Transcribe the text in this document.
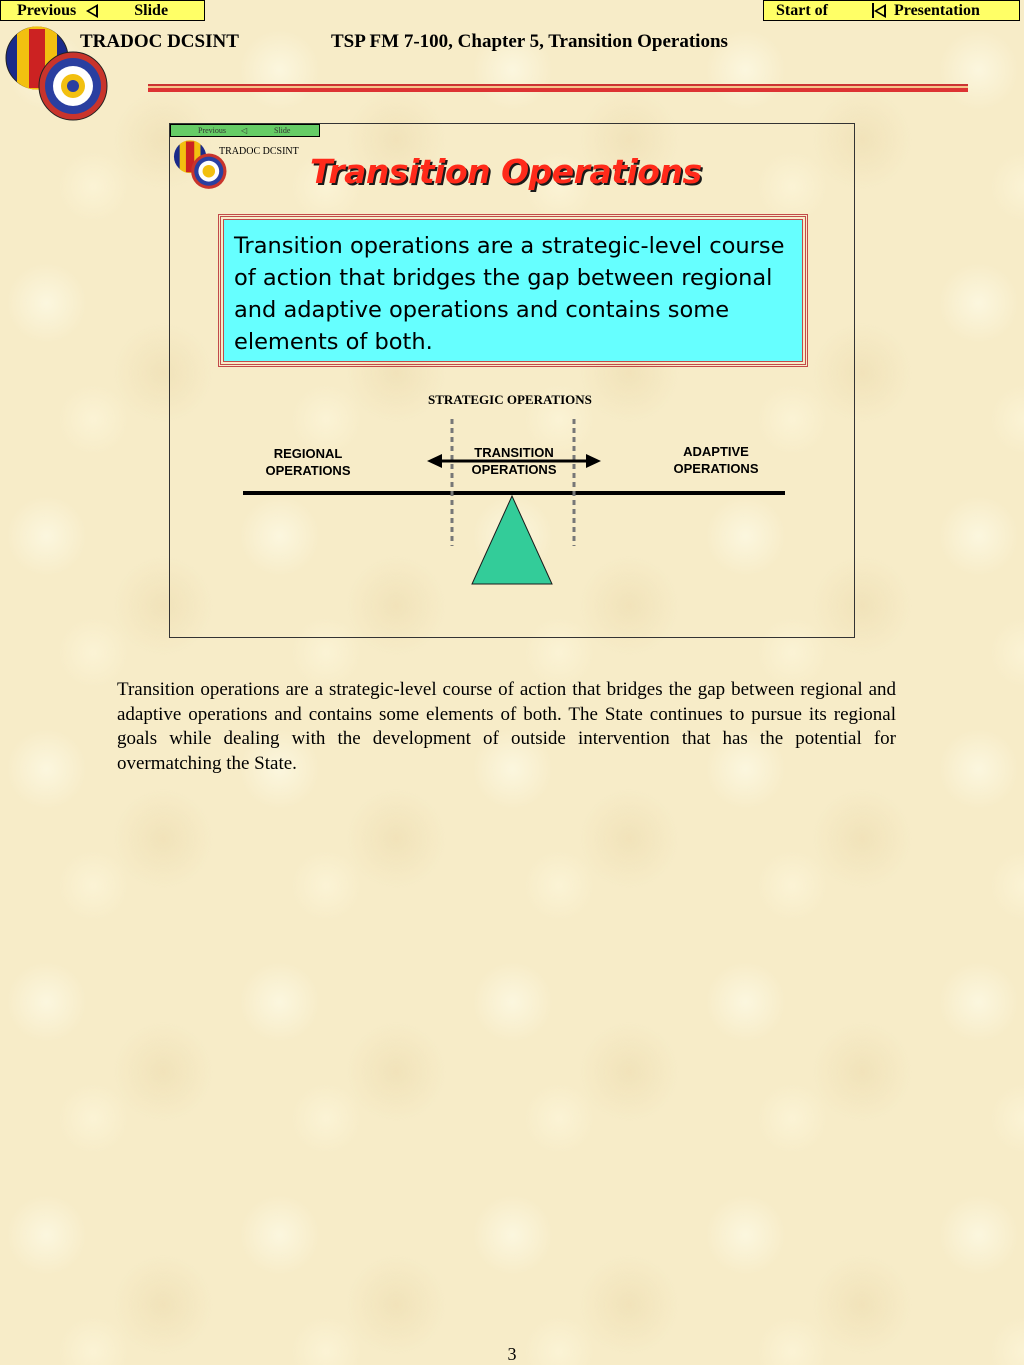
Previous	Slide	Start of	Presentation
TRADOC DCSINT	TSP FM 7-100, Chapter 5, Transition Operations
Previous ◁	Slide
TRADOC DCSINT
Transition Operations
Transition operations are a strategic-level course of action that bridges the gap between regional and adaptive operations and contains some elements of both.
STRATEGIC OPERATIONS
REGIONAL
OPERATIONS
TRANSITION
OPERATIONS
ADAPTIVE
OPERATIONS
Transition operations are a strategic-level course of action that bridges the gap between regional and adaptive operations and contains some elements of both. The State continues to pursue its regional goals while dealing with the development of outside intervention that has the potential for overmatching the State.
3
